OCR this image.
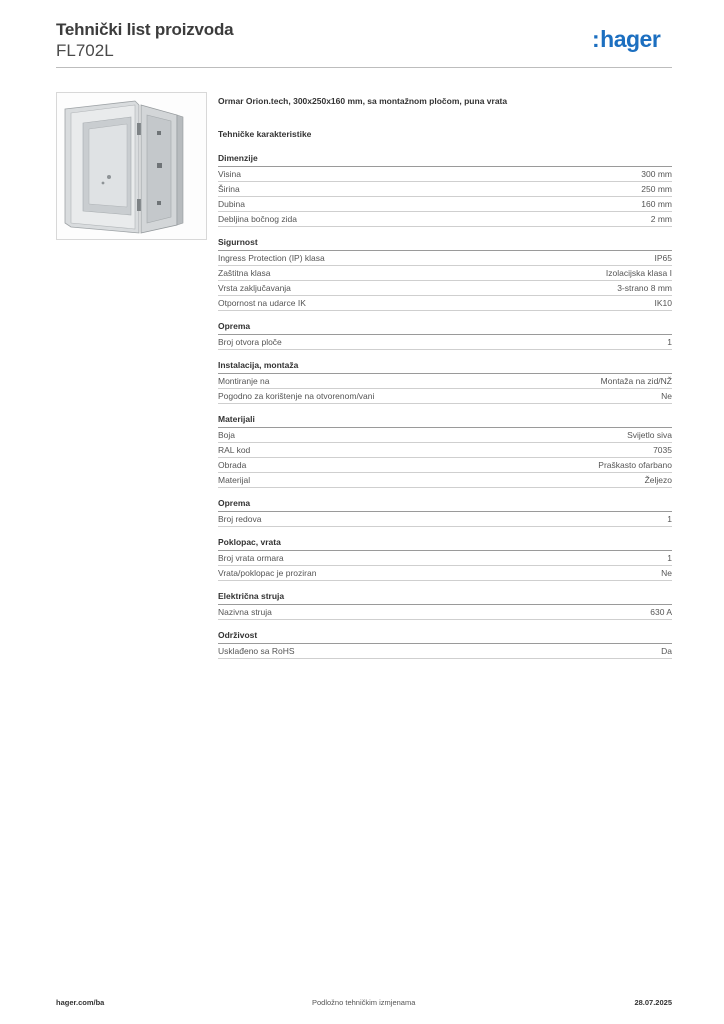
Tehnički list proizvoda
FL702L	:hager
Ormar Orion.tech, 300x250x160 mm, sa montažnom pločom, puna vrata
Tehničke karakteristike
Dimenzije
Visina	300 mm
Širina	250 mm
Dubina	160 mm
Debljina bočnog zida	2 mm
Sigurnost
Ingress Protection (IP) klasa	IP65
Zaštitna klasa	Izolacijska klasa I
Vrsta zaključavanja	3-strano 8 mm
Otpornost na udarce IK	IK10
Oprema
Broj otvora ploče	1
Instalacija, montaža
Montiranje na	Montaža na zid/NŽ
Pogodno za korištenje na otvorenom/vani	Ne
Materijali
Boja	Svijetlo siva
RAL kod	7035
Obrada	Praškasto ofarbano
Materijal	Željezo
Oprema
Broj redova	1
Poklopac, vrata
Broj vrata ormara	1
Vrata/poklopac je proziran	Ne
Električna struja
Nazivna struja	630 A
Održivost
Usklađeno sa RoHS	Da
hager.com/ba	Podložno tehničkim izmjenama	28.07.2025
